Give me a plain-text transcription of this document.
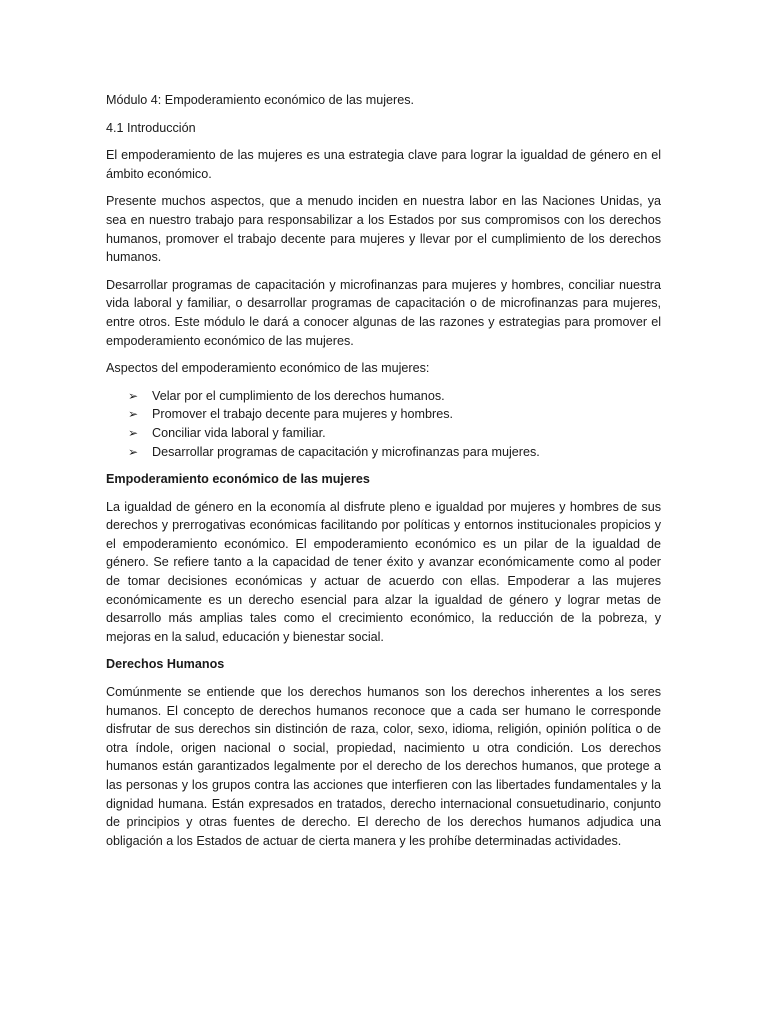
Módulo 4: Empoderamiento económico de las mujeres.

4.1 Introducción

El empoderamiento de las mujeres es una estrategia clave para lograr la igualdad de género en el ámbito económico.

Presente muchos aspectos, que a menudo inciden en nuestra labor en las Naciones Unidas, ya sea en nuestro trabajo para responsabilizar a los Estados por sus compromisos con los derechos humanos, promover el trabajo decente para mujeres y llevar por el cumplimiento de los derechos humanos.

Desarrollar programas de capacitación y microfinanzas para mujeres y hombres, conciliar nuestra vida laboral y familiar, o desarrollar programas de capacitación o de microfinanzas para mujeres, entre otros. Este módulo le dará a conocer algunas de las razones y estrategias para promover el empoderamiento económico de las mujeres.

Aspectos del empoderamiento económico de las mujeres:

➢ Velar por el cumplimiento de los derechos humanos.
➢ Promover el trabajo decente para mujeres y hombres.
➢ Conciliar vida laboral y familiar.
➢ Desarrollar programas de capacitación y microfinanzas para mujeres.

Empoderamiento económico de las mujeres

La igualdad de género en la economía al disfrute pleno e igualdad por mujeres y hombres de sus derechos y prerrogativas económicas facilitando por políticas y entornos institucionales propicios y el empoderamiento económico. El empoderamiento económico es un pilar de la igualdad de género. Se refiere tanto a la capacidad de tener éxito y avanzar económicamente como al poder de tomar decisiones económicas y actuar de acuerdo con ellas. Empoderar a las mujeres económicamente es un derecho esencial para alzar la igualdad de género y lograr metas de desarrollo más amplias tales como el crecimiento económico, la reducción de la pobreza, y mejoras en la salud, educación y bienestar social.

Derechos Humanos

Comúnmente se entiende que los derechos humanos son los derechos inherentes a los seres humanos. El concepto de derechos humanos reconoce que a cada ser humano le corresponde disfrutar de sus derechos sin distinción de raza, color, sexo, idioma, religión, opinión política o de otra índole, origen nacional o social, propiedad, nacimiento u otra condición. Los derechos humanos están garantizados legalmente por el derecho de los derechos humanos, que protege a las personas y los grupos contra las acciones que interfieren con las libertades fundamentales y la dignidad humana. Están expresados en tratados, derecho internacional consuetudinario, conjunto de principios y otras fuentes de derecho. El derecho de los derechos humanos adjudica una obligación a los Estados de actuar de cierta manera y les prohíbe determinadas actividades.
